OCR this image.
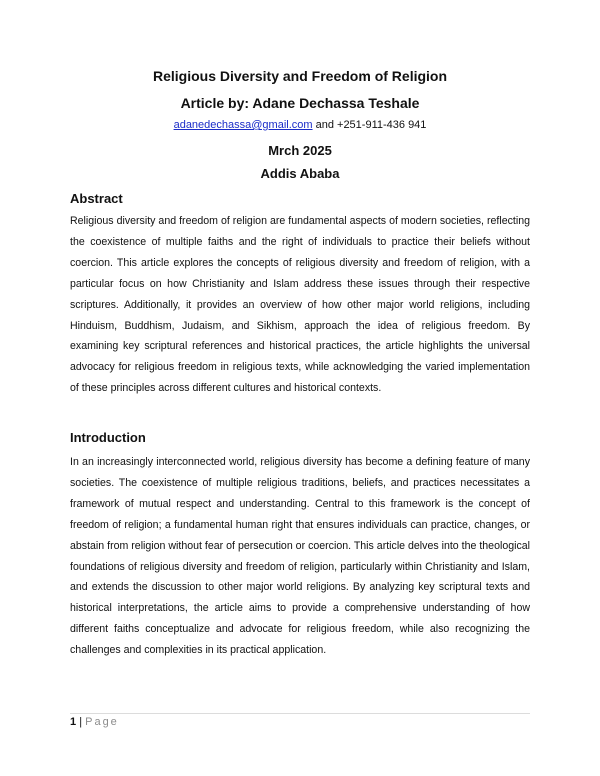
Religious Diversity and Freedom of Religion
Article by: Adane Dechassa Teshale
adanedechassa@gmail.com and +251-911-436 941
Mrch 2025
Addis Ababa
Abstract

Religious diversity and freedom of religion are fundamental aspects of modern societies, reflecting the coexistence of multiple faiths and the right of individuals to practice their beliefs without coercion. This article explores the concepts of religious diversity and freedom of religion, with a particular focus on how Christianity and Islam address these issues through their respective scriptures. Additionally, it provides an overview of how other major world religions, including Hinduism, Buddhism, Judaism, and Sikhism, approach the idea of religious freedom. By examining key scriptural references and historical practices, the article highlights the universal advocacy for religious freedom in religious texts, while acknowledging the varied implementation of these principles across different cultures and historical contexts.

Introduction

In an increasingly interconnected world, religious diversity has become a defining feature of many societies. The coexistence of multiple religious traditions, beliefs, and practices necessitates a framework of mutual respect and understanding. Central to this framework is the concept of freedom of religion; a fundamental human right that ensures individuals can practice, changes, or abstain from religion without fear of persecution or coercion. This article delves into the theological foundations of religious diversity and freedom of religion, particularly within Christianity and Islam, and extends the discussion to other major world religions. By analyzing key scriptural texts and historical interpretations, the article aims to provide a comprehensive understanding of how different faiths conceptualize and advocate for religious freedom, while also recognizing the challenges and complexities in its practical application.

1 | Page
